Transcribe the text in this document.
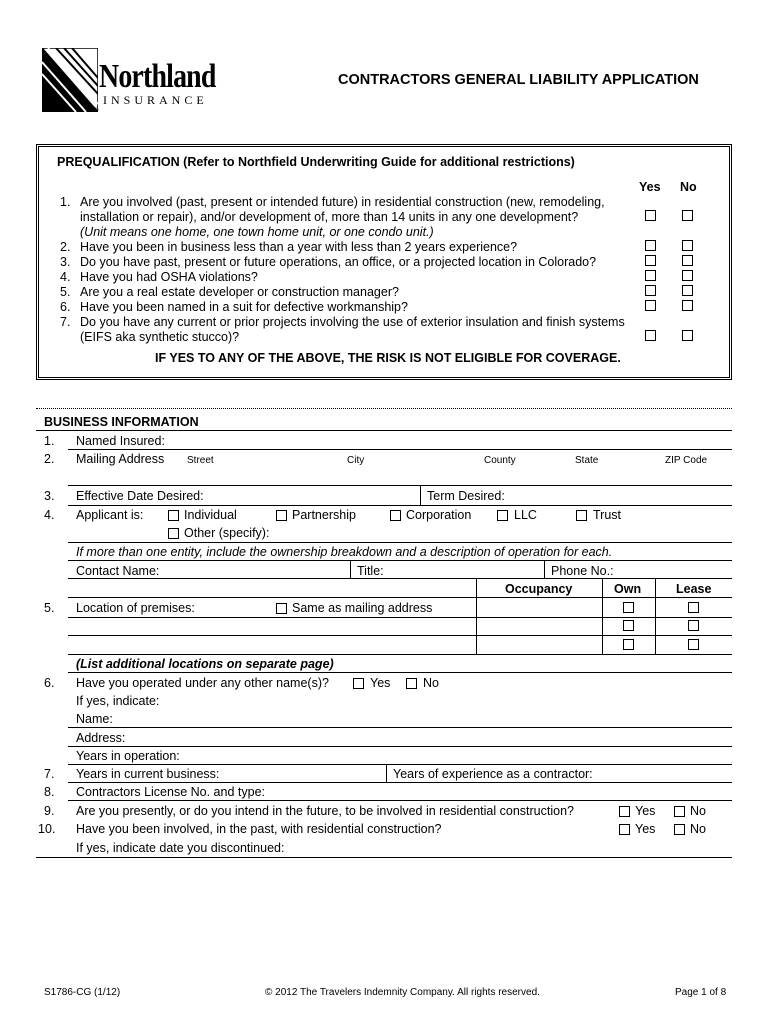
Northland
INSURANCE
®
CONTRACTORS GENERAL LIABILITY APPLICATION
PREQUALIFICATION (Refer to Northfield Underwriting Guide for additional restrictions)
Yes No
1. Are you involved (past, present or intended future) in residential construction (new, remodeling,
installation or repair), and/or development of, more than 14 units in any one development?
(Unit means one home, one town home unit, or one condo unit.)
2. Have you been in business less than a year with less than 2 years experience?
3. Do you have past, present or future operations, an office, or a projected location in Colorado?
4. Have you had OSHA violations?
5. Are you a real estate developer or construction manager?
6. Have you been named in a suit for defective workmanship?
7. Do you have any current or prior projects involving the use of exterior insulation and finish systems
(EIFS aka synthetic stucco)?
IF YES TO ANY OF THE ABOVE, THE RISK IS NOT ELIGIBLE FOR COVERAGE.
BUSINESS INFORMATION
1. Named Insured:
2. Mailing Address Street	City	County	State	ZIP Code
3. Effective Date Desired:	Term Desired:
4. Applicant is:	Individual	Partnership	Corporation	LLC	Trust
Other (specify):
If more than one entity, include the ownership breakdown and a description of operation for each.
Contact Name:	Title:	Phone No.:
Occupancy	Own	Lease
5. Location of premises:	Same as mailing address
(List additional locations on separate page)
6. Have you operated under any other name(s)?	Yes	No
If yes, indicate:
Name:
Address:
Years in operation:
7. Years in current business:	Years of experience as a contractor:
8. Contractors License No. and type:
9. Are you presently, or do you intend in the future, to be involved in residential construction?	Yes	No
10. Have you been involved, in the past, with residential construction?	Yes	No
If yes, indicate date you discontinued:
S1786-CG (1/12)	© 2012 The Travelers Indemnity Company. All rights reserved.	Page 1 of 8
